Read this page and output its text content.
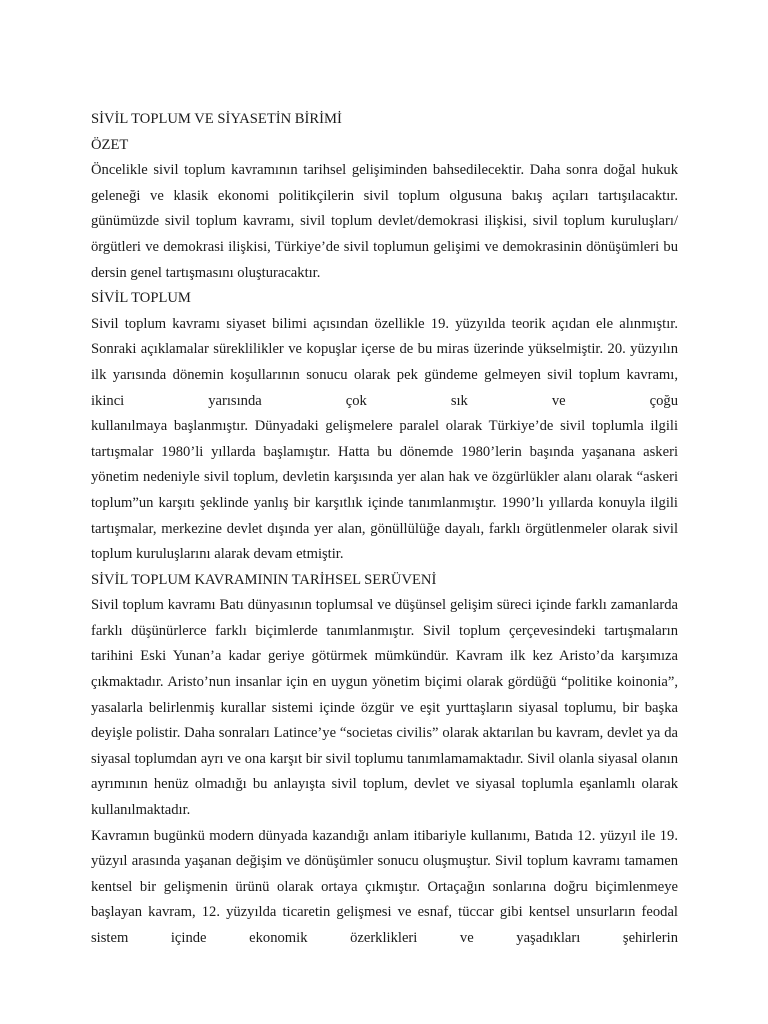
SİVİL TOPLUM VE SİYASETİN BİRİMİ
ÖZET

Öncelikle sivil toplum kavramının tarihsel gelişiminden bahsedilecektir. Daha sonra doğal hukuk geleneği ve klasik ekonomi politikçilerin sivil toplum olgusuna bakış açıları tartışılacaktır. günümüzde sivil toplum kavramı, sivil toplum devlet/demokrasi ilişkisi, sivil toplum kuruluşları/örgütleri ve demokrasi ilişkisi, Türkiye’de sivil toplumun gelişimi ve demokrasinin dönüşümleri bu dersin genel tartışmasını oluşturacaktır.

SİVİL TOPLUM

Sivil toplum kavramı siyaset bilimi açısından özellikle 19. yüzyılda teorik açıdan ele alınmıştır. Sonraki açıklamalar süreklilikler ve kopuşlar içerse de bu miras üzerinde yükselmiştir. 20. yüzyılın ilk yarısında dönemin koşullarının sonucu olarak pek gündeme gelmeyen sivil toplum kavramı, ikinci yarısında çok sık ve çoğu

kullanılmaya başlanmıştır. Dünyadaki gelişmelere paralel olarak Türkiye’de sivil toplumla ilgili tartışmalar 1980’li yıllarda başlamıştır. Hatta bu dönemde 1980’lerin başında yaşanana askeri yönetim nedeniyle sivil toplum, devletin karşısında yer alan hak ve özgürlükler alanı olarak “askeri toplum”un karşıtı şeklinde yanlış bir karşıtlık içinde tanımlanmıştır. 1990’lı yıllarda konuyla ilgili tartışmalar, merkezine devlet dışında yer alan, gönüllülüğe dayalı, farklı örgütlenmeler olarak sivil toplum kuruluşlarını alarak devam etmiştir.

SİVİL TOPLUM KAVRAMININ TARİHSEL SERÜVENİ

Sivil toplum kavramı Batı dünyasının toplumsal ve düşünsel gelişim süreci içinde farklı zamanlarda farklı düşünürlerce farklı biçimlerde tanımlanmıştır. Sivil toplum çerçevesindeki tartışmaların tarihini Eski Yunan’a kadar geriye götürmek mümkündür. Kavram ilk kez Aristo’da karşımıza çıkmaktadır. Aristo’nun insanlar için en uygun yönetim biçimi olarak gördüğü “politike koinonia”, yasalarla belirlenmiş kurallar sistemi içinde özgür ve eşit yurttaşların siyasal toplumu, bir başka deyişle polistir. Daha sonraları Latince’ye “societas civilis” olarak aktarılan bu kavram, devlet ya da siyasal toplumdan ayrı ve ona karşıt bir sivil toplumu tanımlamamaktadır. Sivil olanla siyasal olanın ayrımının henüz olmadığı bu anlayışta sivil toplum, devlet ve siyasal toplumla eşanlamlı olarak kullanılmaktadır.

Kavramın bugünkü modern dünyada kazandığı anlam itibariyle kullanımı, Batıda 12. yüzyıl ile 19. yüzyıl arasında yaşanan değişim ve dönüşümler sonucu oluşmuştur. Sivil toplum kavramı tamamen kentsel bir gelişmenin ürünü olarak ortaya çıkmıştır. Ortaçağın sonlarına doğru biçimlenmeye başlayan kavram, 12. yüzyılda ticaretin gelişmesi ve esnaf, tüccar gibi kentsel unsurların feodal sistem içinde ekonomik özerklikleri ve yaşadıkları şehirlerin
